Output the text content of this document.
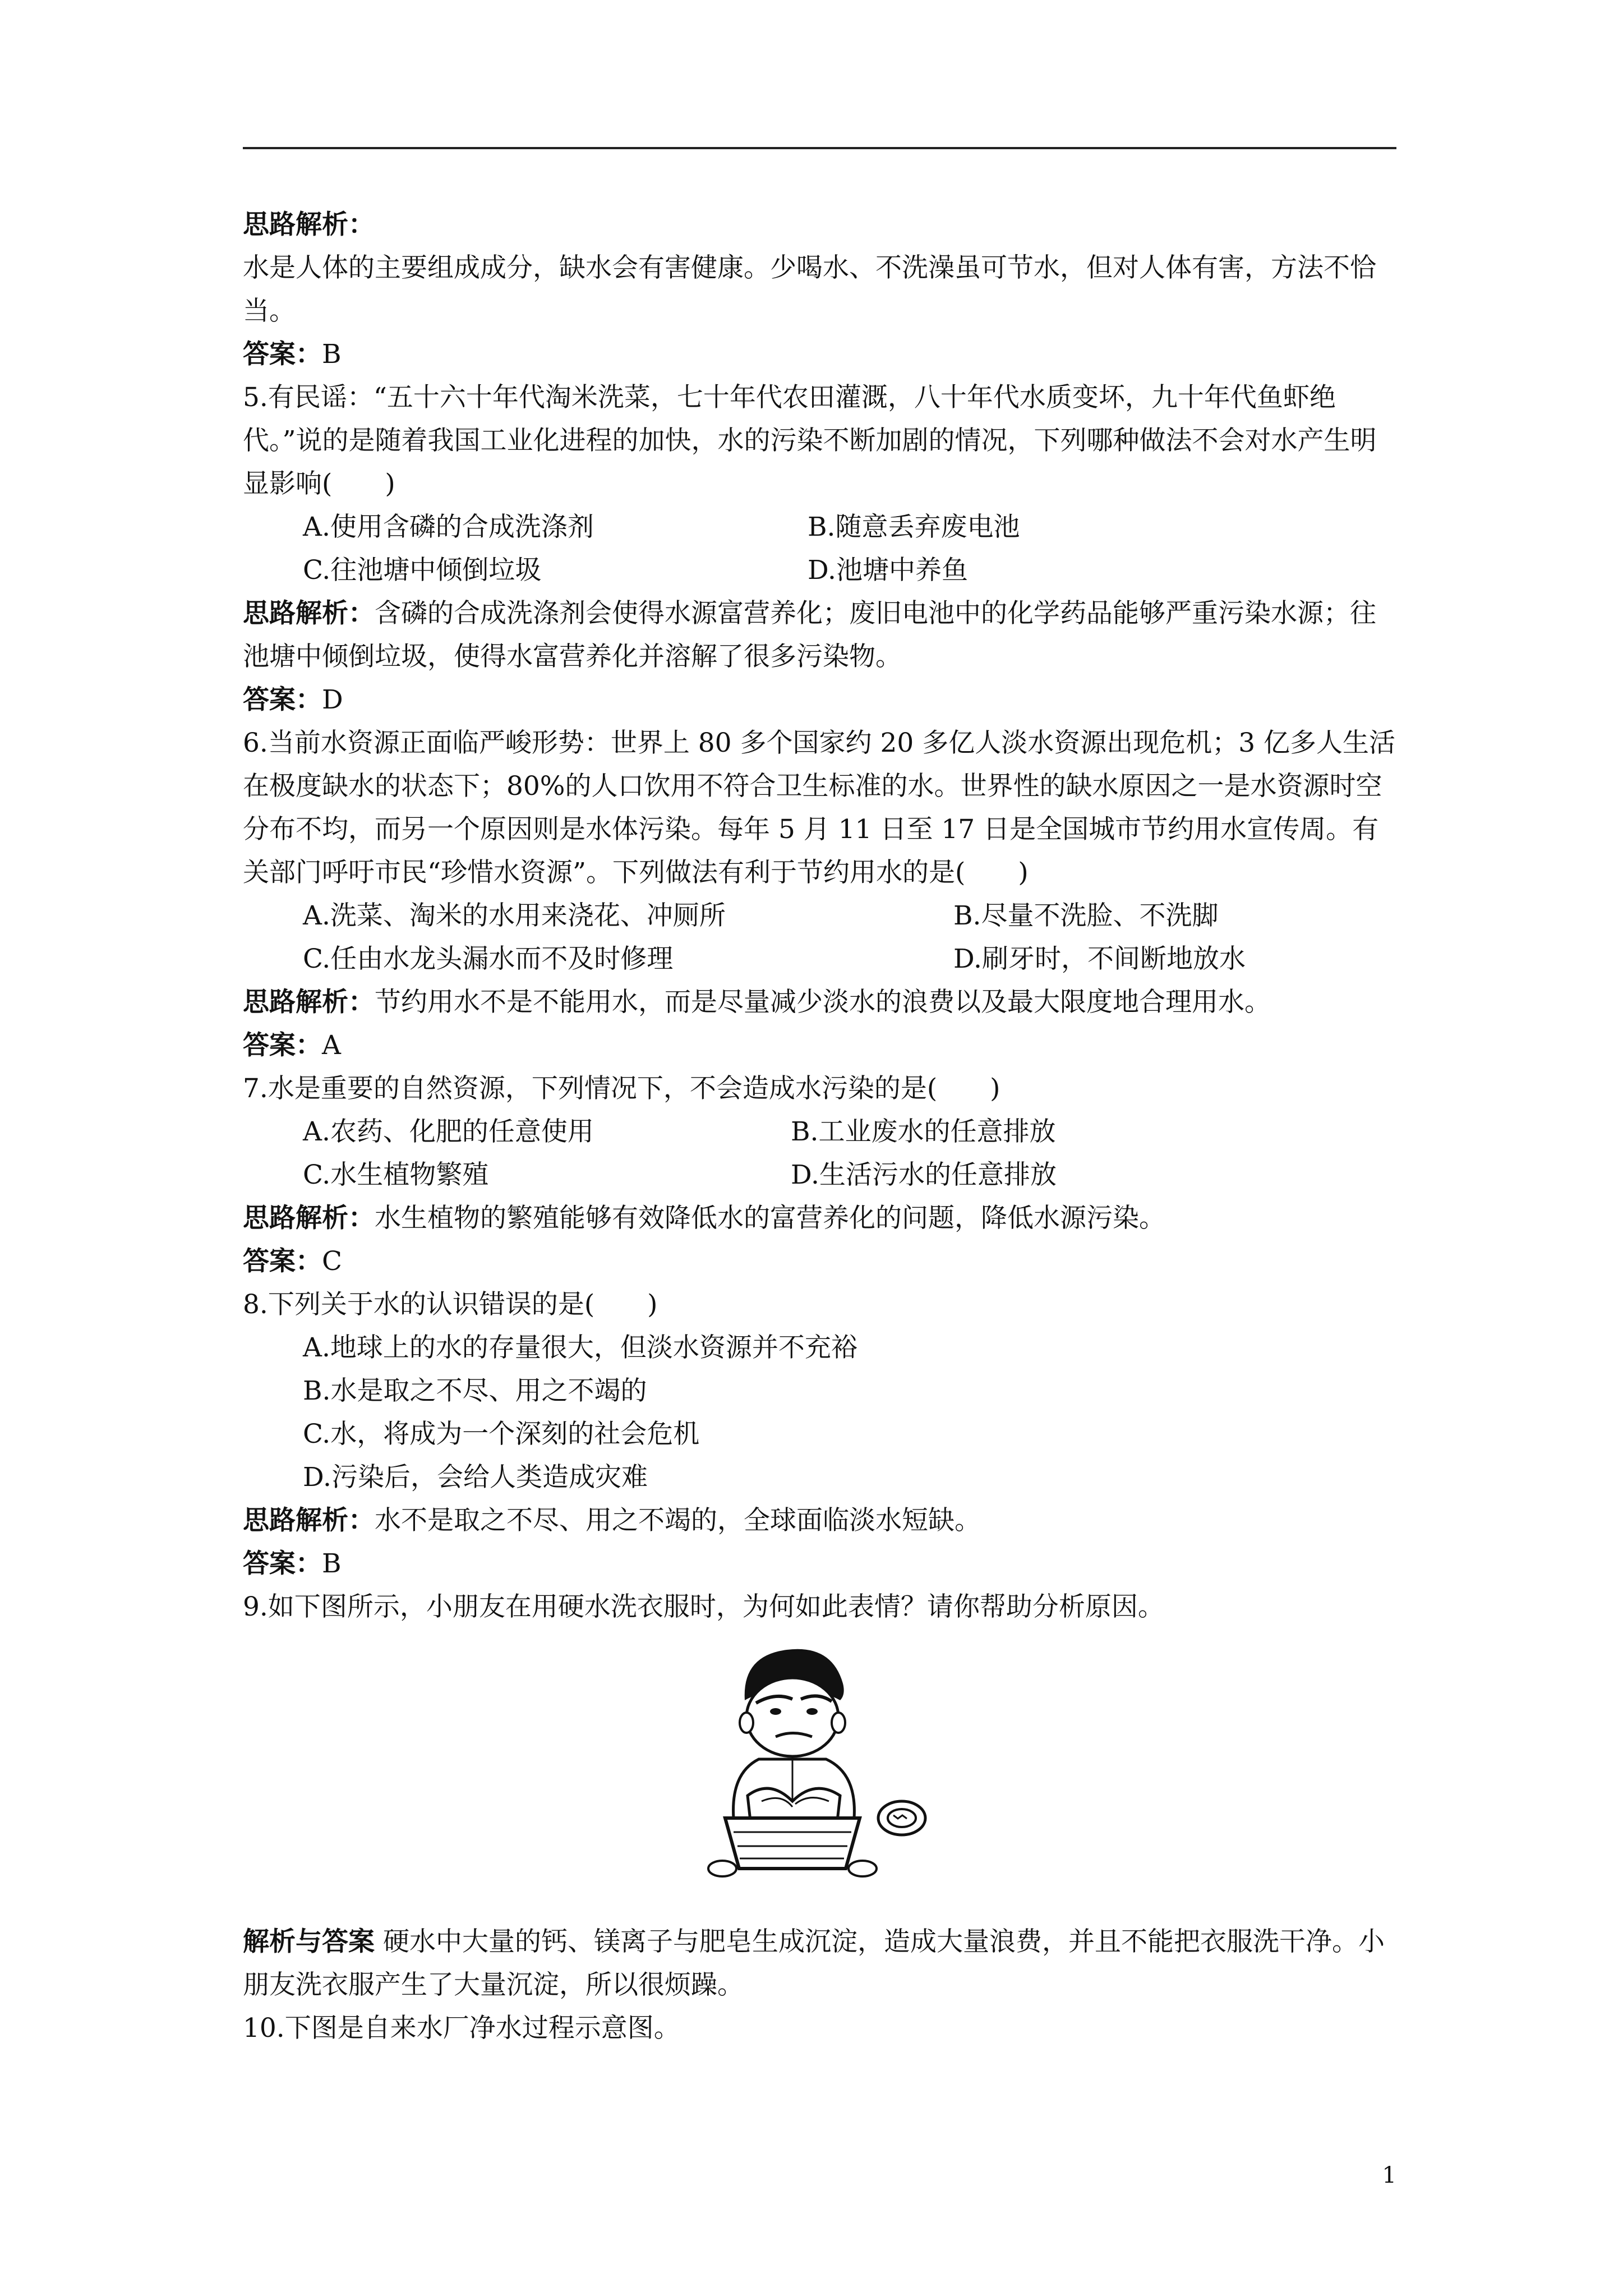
思路解析：

水是人体的主要组成成分，缺水会有害健康。少喝水、不洗澡虽可节水，但对人体有害，方法不恰当。

答案：B

5.有民谣：“五十六十年代淘米洗菜，七十年代农田灌溉，八十年代水质变坏，九十年代鱼虾绝代。”说的是随着我国工业化进程的加快，水的污染不断加剧的情况，下列哪种做法不会对水产生明显影响(　　)

A.使用含磷的合成洗涤剂	B.随意丢弃废电池
C.往池塘中倾倒垃圾	D.池塘中养鱼

思路解析：含磷的合成洗涤剂会使得水源富营养化；废旧电池中的化学药品能够严重污染水源；往池塘中倾倒垃圾，使得水富营养化并溶解了很多污染物。

答案：D

6.当前水资源正面临严峻形势：世界上 80 多个国家约 20 多亿人淡水资源出现危机；3 亿多人生活在极度缺水的状态下；80%的人口饮用不符合卫生标准的水。世界性的缺水原因之一是水资源时空分布不均，而另一个原因则是水体污染。每年 5 月 11 日至 17 日是全国城市节约用水宣传周。有关部门呼吁市民“珍惜水资源”。下列做法有利于节约用水的是(　　)

A.洗菜、淘米的水用来浇花、冲厕所	B.尽量不洗脸、不洗脚
C.任由水龙头漏水而不及时修理	D.刷牙时，不间断地放水

思路解析：节约用水不是不能用水，而是尽量减少淡水的浪费以及最大限度地合理用水。

答案：A

7.水是重要的自然资源，下列情况下，不会造成水污染的是(　　)

A.农药、化肥的任意使用	B.工业废水的任意排放
C.水生植物繁殖	D.生活污水的任意排放

思路解析：水生植物的繁殖能够有效降低水的富营养化的问题，降低水源污染。

答案：C

8.下列关于水的认识错误的是(　　)

A.地球上的水的存量很大，但淡水资源并不充裕
B.水是取之不尽、用之不竭的
C.水，将成为一个深刻的社会危机
D.污染后，会给人类造成灾难

思路解析：水不是取之不尽、用之不竭的，全球面临淡水短缺。

答案：B

9.如下图所示，小朋友在用硬水洗衣服时，为何如此表情？请你帮助分析原因。

解析与答案 硬水中大量的钙、镁离子与肥皂生成沉淀，造成大量浪费，并且不能把衣服洗干净。小朋友洗衣服产生了大量沉淀，所以很烦躁。

10.下图是自来水厂净水过程示意图。

1
